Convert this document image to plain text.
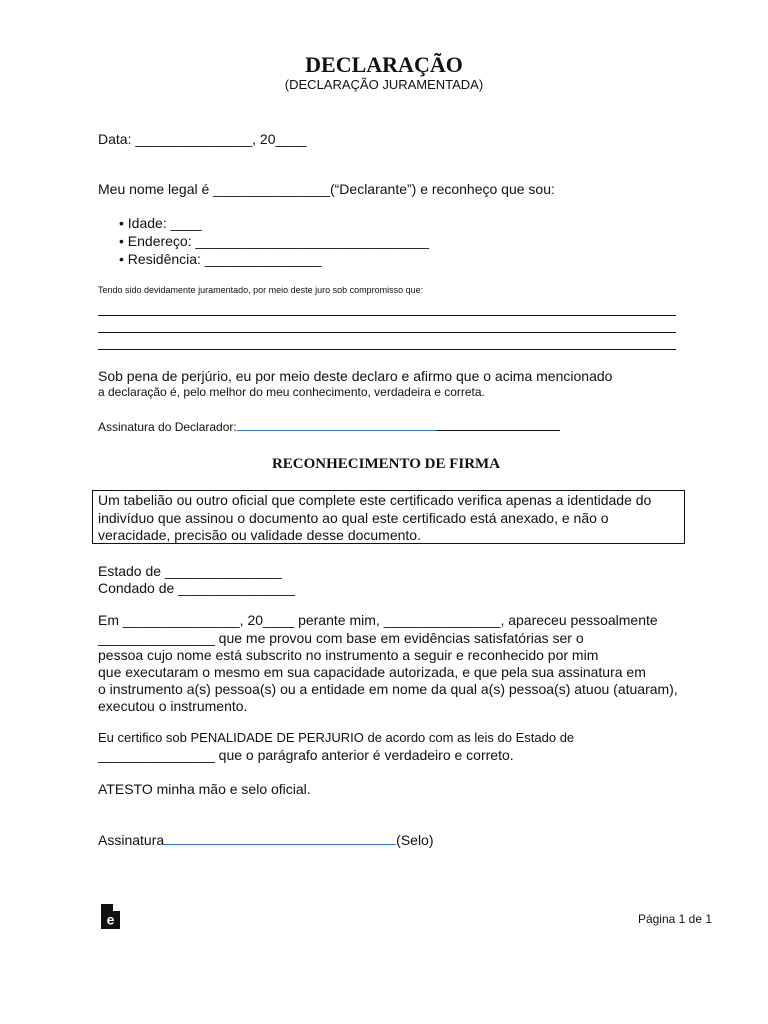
DECLARAÇÃO
(DECLARAÇÃO JURAMENTADA)
Data: _______________, 20____
Meu nome legal é _______________(“Declarante”) e reconheço que sou:
• Idade: ____
• Endereço: ______________________________
• Residência: _______________
Tendo sido devidamente juramentado, por meio deste juro sob compromisso que:
Sob pena de perjúrio, eu por meio deste declaro e afirmo que o acima mencionado
a declaração é, pelo melhor do meu conhecimento, verdadeira e correta.
Assinatura do Declarador:
RECONHECIMENTO DE FIRMA
Um tabelião ou outro oficial que complete este certificado verifica apenas a identidade do
indivíduo que assinou o documento ao qual este certificado está anexado, e não o
veracidade, precisão ou validade desse documento.
Estado de _______________
Condado de _______________
Em _______________, 20____ perante mim, _______________, apareceu pessoalmente
_______________ que me provou com base em evidências satisfatórias ser o
pessoa cujo nome está subscrito no instrumento a seguir e reconhecido por mim
que executaram o mesmo em sua capacidade autorizada, e que pela sua assinatura em
o instrumento a(s) pessoa(s) ou a entidade em nome da qual a(s) pessoa(s) atuou (atuaram),
executou o instrumento.
Eu certifico sob PENALIDADE DE PERJURIO de acordo com as leis do Estado de
_______________ que o parágrafo anterior é verdadeiro e correto.
ATESTO minha mão e selo oficial.
Assinatura	(Selo)
e	Página 1 de 1
